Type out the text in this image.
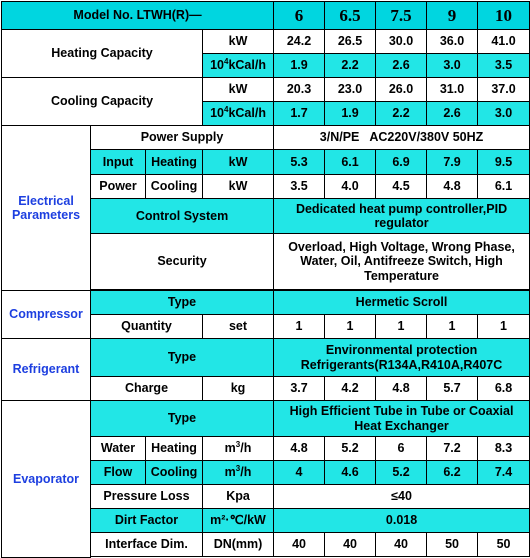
Model No. LTWH(R)—				6	6.5	7.5	9	10
Heating Capacity			kW	24.2	26.5	30.0	36.0	41.0
			$10^4kCal/h$	1.9	2.2	2.6	3.0	3.5
Cooling Capacity			kW	20.3	23.0	26.0	31.0	37.0
			$10^4kCal/h$	1.7	1.9	2.2	2.6	3.0
Electrical Parameters	Power Supply			3/N/PE   AC220V/380V 50HZ				
	Input	Heating	kW	5.3	6.1	6.9	7.9	9.5
	Power	Cooling	kW	3.5	4.0	4.5	4.8	6.1
	Control System			Dedicated heat pump controller,PID regulator				
	Security			Overload, High Voltage, Wrong Phase, Water, Oil, Antifreeze Switch, High Temperature				

Compressor	Type			Hermetic Scroll				
	Quantity		set	1	1	1	1	1
Refrigerant	Type			Environmental protection Refrigerants(R134A,R410A,R407C				
	Charge		kg	3.7	4.2	4.8	5.7	6.8
Evaporator	Type			High Efficient Tube in Tube or Coaxial Heat Exchanger				
	Water	Heating	$m^3/h$	4.8	5.2	6	7.2	8.3
	Flow	Cooling	$m^3/h$	4	4.6	5.2	6.2	7.4
	Pressure Loss		Kpa	≤40				
	Dirt Factor		m²·℃/kW	0.018				
	Interface Dim.		DN(mm)	40	40	40	50	50
